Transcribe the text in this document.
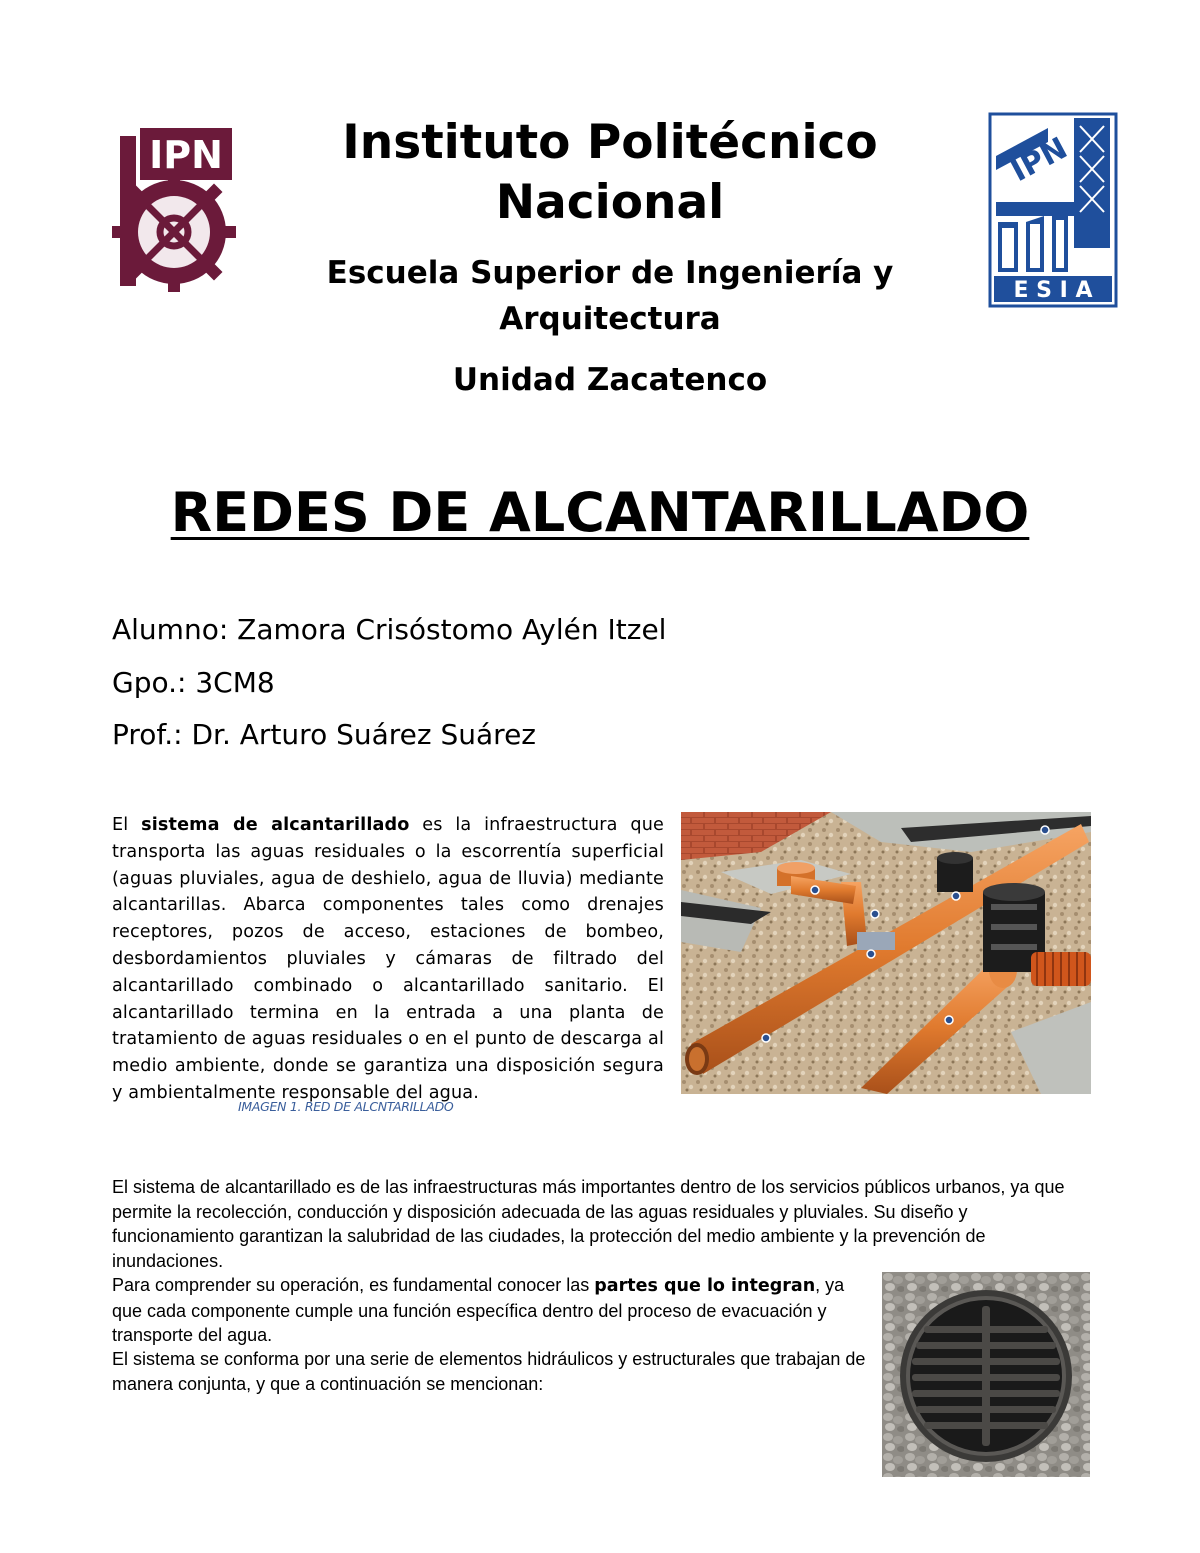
IPN	IPN
E S I A
Instituto Politécnico Nacional
Escuela Superior de Ingeniería y Arquitectura
Unidad Zacatenco
REDES DE ALCANTARILLADO
Alumno: Zamora Crisóstomo Aylén Itzel
Gpo.: 3CM8
Prof.: Dr. Arturo Suárez Suárez
El sistema de alcantarillado es la infraestructura que transporta las aguas residuales o la escorrentía superficial (aguas pluviales, agua de deshielo, agua de lluvia) mediante alcantarillas. Abarca componentes tales como drenajes receptores, pozos de acceso, estaciones de bombeo, desbordamientos pluviales y cámaras de filtrado del alcantarillado combinado o alcantarillado sanitario. El alcantarillado termina en la entrada a una planta de tratamiento de aguas residuales o en el punto de descarga al medio ambiente, donde se garantiza una disposición segura y ambientalmente responsable del agua.
IMAGEN 1. RED DE ALCNTARILLADO
El sistema de alcantarillado es de las infraestructuras más importantes dentro de los servicios públicos urbanos, ya que permite la recolección, conducción y disposición adecuada de las aguas residuales y pluviales. Su diseño y funcionamiento garantizan la salubridad de las ciudades, la protección del medio ambiente y la prevención de inundaciones.
Para comprender su operación, es fundamental conocer las partes que lo integran, ya que cada componente cumple una función específica dentro del proceso de evacuación y transporte del agua.
El sistema se conforma por una serie de elementos hidráulicos y estructurales que trabajan de manera conjunta, y que a continuación se mencionan:
